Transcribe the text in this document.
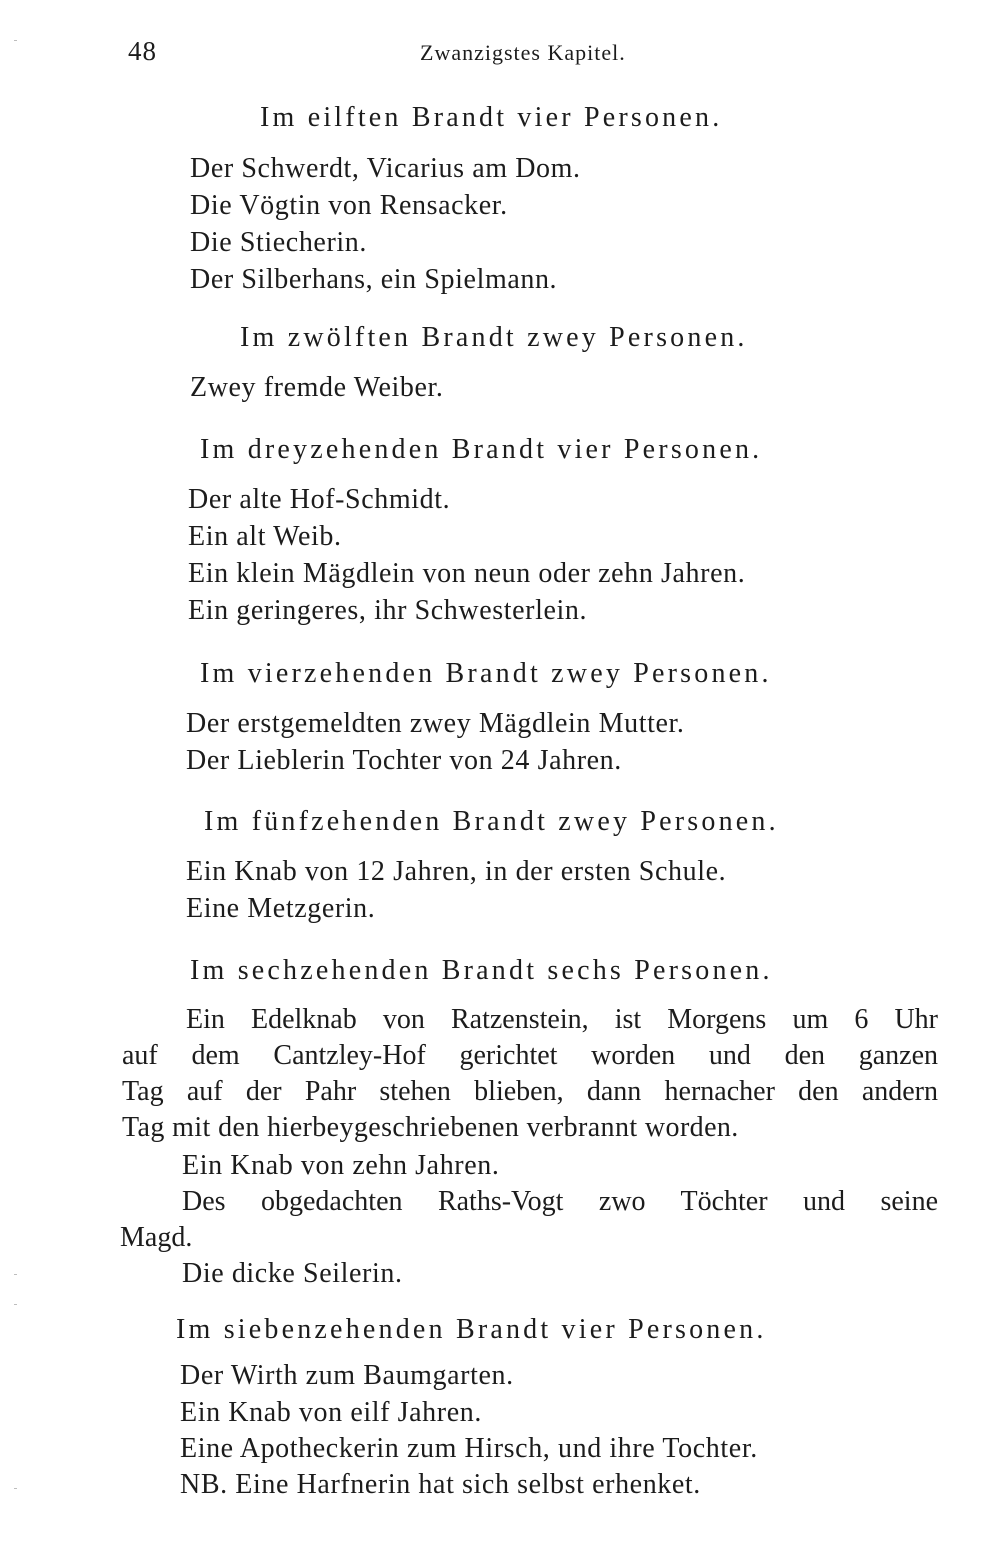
48	Zwanzigstes Kapitel.
Im eilften Brandt vier Personen.
Der Schwerdt, Vicarius am Dom.
Die Vögtin von Rensacker.
Die Stiecherin.
Der Silberhans, ein Spielmann.
Im zwölften Brandt zwey Personen.
Zwey fremde Weiber.
Im dreyzehenden Brandt vier Personen.
Der alte Hof-Schmidt.
Ein alt Weib.
Ein klein Mägdlein von neun oder zehn Jahren.
Ein geringeres, ihr Schwesterlein.
Im vierzehenden Brandt zwey Personen.
Der erstgemeldten zwey Mägdlein Mutter.
Der Lieblerin Tochter von 24 Jahren.
Im fünfzehenden Brandt zwey Personen.
Ein Knab von 12 Jahren, in der ersten Schule.
Eine Metzgerin.
Im sechzehenden Brandt sechs Personen.
Ein Edelknab von Ratzenstein, ist Morgens um 6 Uhr
auf dem Cantzley-Hof gerichtet worden und den ganzen
Tag auf der Pahr stehen blieben, dann hernacher den andern
Tag mit den hierbeygeschriebenen verbrannt worden.
Ein Knab von zehn Jahren.
Des obgedachten Raths-Vogt zwo Töchter und seine
Magd.
Die dicke Seilerin.
Im siebenzehenden Brandt vier Personen.
Der Wirth zum Baumgarten.
Ein Knab von eilf Jahren.
Eine Apotheckerin zum Hirsch, und ihre Tochter.
NB. Eine Harfnerin hat sich selbst erhenket.
